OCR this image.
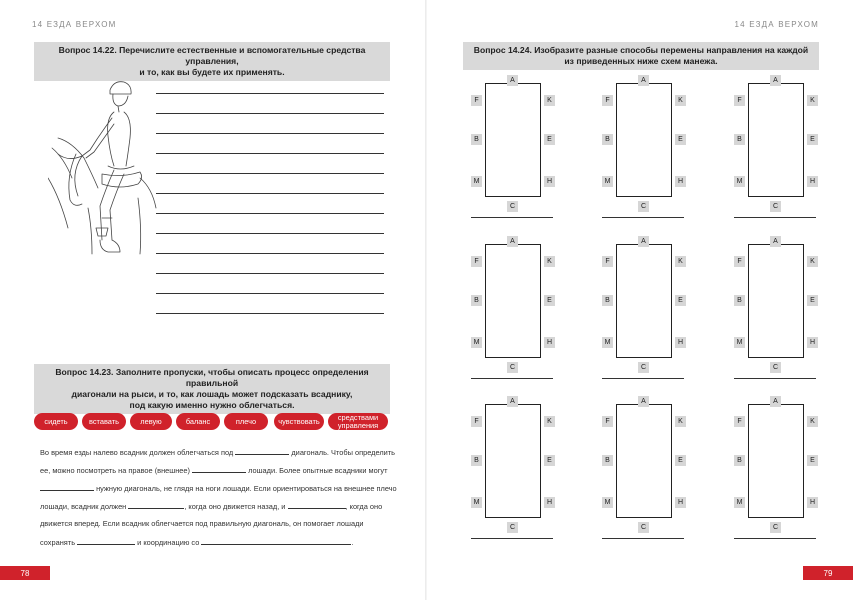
14 ЕЗДА ВЕРХОМ
Вопрос 14.22. Перечислите естественные и вспомогательные средства управления,
и то, как вы будете их применять.
Вопрос 14.23. Заполните пропуски, чтобы описать процесс определения правильной
диагонали на рыси, и то, как лошадь может подсказать всаднику,
под какую именно нужно облегчаться.
сидеть	вставать	левую	баланс	плечо	чувствовать	средствами управления
Во время езды налево всадник должен облегчаться под	диагональ. Чтобы определить
ее, можно посмотреть на правое (внешнее)	лошади. Более опытные всадники могут
нужную диагональ, не глядя на ноги лошади. Если ориентироваться на внешнее плечо
лошади, всадник должен	, когда оно движется назад, и	, когда оно
движется вперед. Если всадник облегчается под правильную диагональ, он помогает лошади
сохранять	и координацию со	.
78
14 ЕЗДА ВЕРХОМ
Вопрос 14.24. Изобразите разные способы перемены направления на каждой
из приведенных ниже схем манежа.
A
F	K
B	E
M	H
C
A
F	K
B	E
M	H
C
A
F	K
B	E
M	H
C
A
F	K
B	E
M	H
C
A
F	K
B	E
M	H
C
A
F	K
B	E
M	H
C
A
F	K
B	E
M	H
C
A
F	K
B	E
M	H
C
A
F	K
B	E
M	H
C
79
